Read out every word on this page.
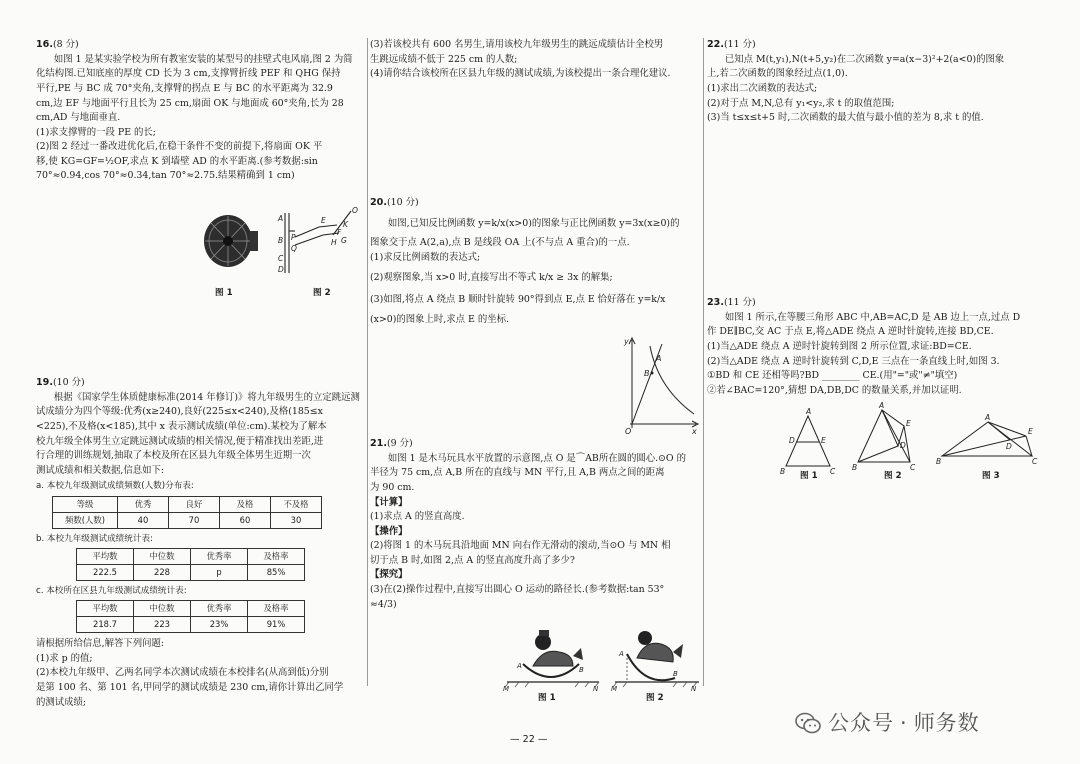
16.(8 分)

如图 1 是某实验学校为所有教室安装的某型号的挂壁式电风扇,图 2 为简

化结构图.已知底座的厚度 CD 长为 3 cm,支撑臂折线 PEF 和 QHG 保持

平行,PE 与 BC 成 70°夹角,支撑臂的拐点 E 与 BC 的水平距离为 32.9

cm,边 EF 与地面平行且长为 25 cm,扇面 OK 与地面成 60°夹角,长为 28

cm,AD 与地面垂直.

(1)求支撑臂的一段 PE 的长;

(2)图 2 经过一番改进优化后,在稳干条件不变的前提下,将扇面 OK 平

移,使 KG=GF=½OF,求点 K 到墙壁 AD 的水平距离.(参考数据:sin

70°≈0.94,cos 70°≈0.34,tan 70°≈2.75.结果精确到 1 cm)

图 1
A
B
C
D
P
Q
E
O
K
F
G
H
图 2

19.(10 分)

根据《国家学生体质健康标准(2014 年修订)》将九年级男生的立定跳远测

试成绩分为四个等级:优秀(x≥240),良好(225≤x<240),及格(185≤x

<225),不及格(x<185),其中 x 表示测试成绩(单位:cm).某校为了解本

校九年级全体男生立定跳远测试成绩的相关情况,便于精准找出差距,进

行合理的训练规划,抽取了本校及所在区县九年级全体男生近期一次

测试成绩和相关数据,信息如下:

a. 本校九年级测试成绩频数(人数)分布表:

等级	优秀	良好	及格	不及格
频数(人数)	40	70	60	30

b. 本校九年级测试成绩统计表:

平均数	中位数	优秀率	及格率
222.5	228	p	85%

c. 本校所在区县九年级测试成绩统计表:

平均数	中位数	优秀率	及格率
218.7	223	23%	91%

请根据所给信息,解答下列问题:

(1)求 p 的值;

(2)本校九年级甲、乙两名同学本次测试成绩在本校排名(从高到低)分别

是第 100 名、第 101 名,甲同学的测试成绩是 230 cm,请你计算出乙同学

的测试成绩;

(3)若该校共有 600 名男生,请用该校九年级男生的跳远成绩估计全校男

生跳远成绩不低于 225 cm 的人数;

(4)请你结合该校所在区县九年级的测试成绩,为该校提出一条合理化建议.

20.(10 分)

如图,已知反比例函数 y=k/x(x>0)的图象与正比例函数 y=3x(x≥0)的

图象交于点 A(2,a),点 B 是线段 OA 上(不与点 A 重合)的一点.

(1)求反比例函数的表达式;

(2)观察图象,当 x>0 时,直接写出不等式 k/x ≥ 3x 的解集;

(3)如图,将点 A 绕点 B 顺时针旋转 90°得到点 E,点 E 恰好落在 y=k/x

(x>0)的图象上时,求点 E 的坐标.

y
x
O
A
B

21.(9 分)

如图 1 是木马玩具水平放置的示意图,点 O 是⌒AB所在圆的圆心.⊙O 的

半径为 75 cm,点 A,B 所在的直线与 MN 平行,且 A,B 两点之间的距离

为 90 cm.

【计算】

(1)求点 A 的竖直高度.

【操作】

(2)将图 1 的木马玩具沿地面 MN 向右作无滑动的滚动,当⊙O 与 MN 相

切于点 B 时,如图 2,点 A 的竖直高度升高了多少?

【探究】

(3)在(2)操作过程中,直接写出圆心 O 运动的路径长.(参考数据:tan 53°

≈4/3)

A	B
M	N
图 1
A
B
M	N
图 2

22.(11 分)

已知点 M(t,y₁),N(t+5,y₂)在二次函数 y=a(x−3)²+2(a<0)的图象

上,若二次函数的图象经过点(1,0).

(1)求出二次函数的表达式;

(2)对于点 M,N,总有 y₁<y₂,求 t 的取值范围;

(3)当 t≤x≤t+5 时,二次函数的最大值与最小值的差为 8,求 t 的值.

23.(11 分)

如图 1 所示,在等腰三角形 ABC 中,AB=AC,D 是 AB 边上一点,过点 D

作 DE∥BC,交 AC 于点 E,将△ADE 绕点 A 逆时针旋转,连接 BD,CE.

(1)当△ADE 绕点 A 逆时针旋转到图 2 所示位置,求证:BD=CE.

(2)当△ADE 绕点 A 逆时针旋转到 C,D,E 三点在一条直线上时,如图 3.

①BD 和 CE 还相等吗?BD ________ CE.(用"="或"≠"填空)

②若∠BAC=120°,猜想 DA,DB,DC 的数量关系,并加以证明.

A
D	E
B	C
图 1
A
E
D
B	C
图 2
A
E
D
B	C
图 3
— 22 —
公众号 · 师务数
